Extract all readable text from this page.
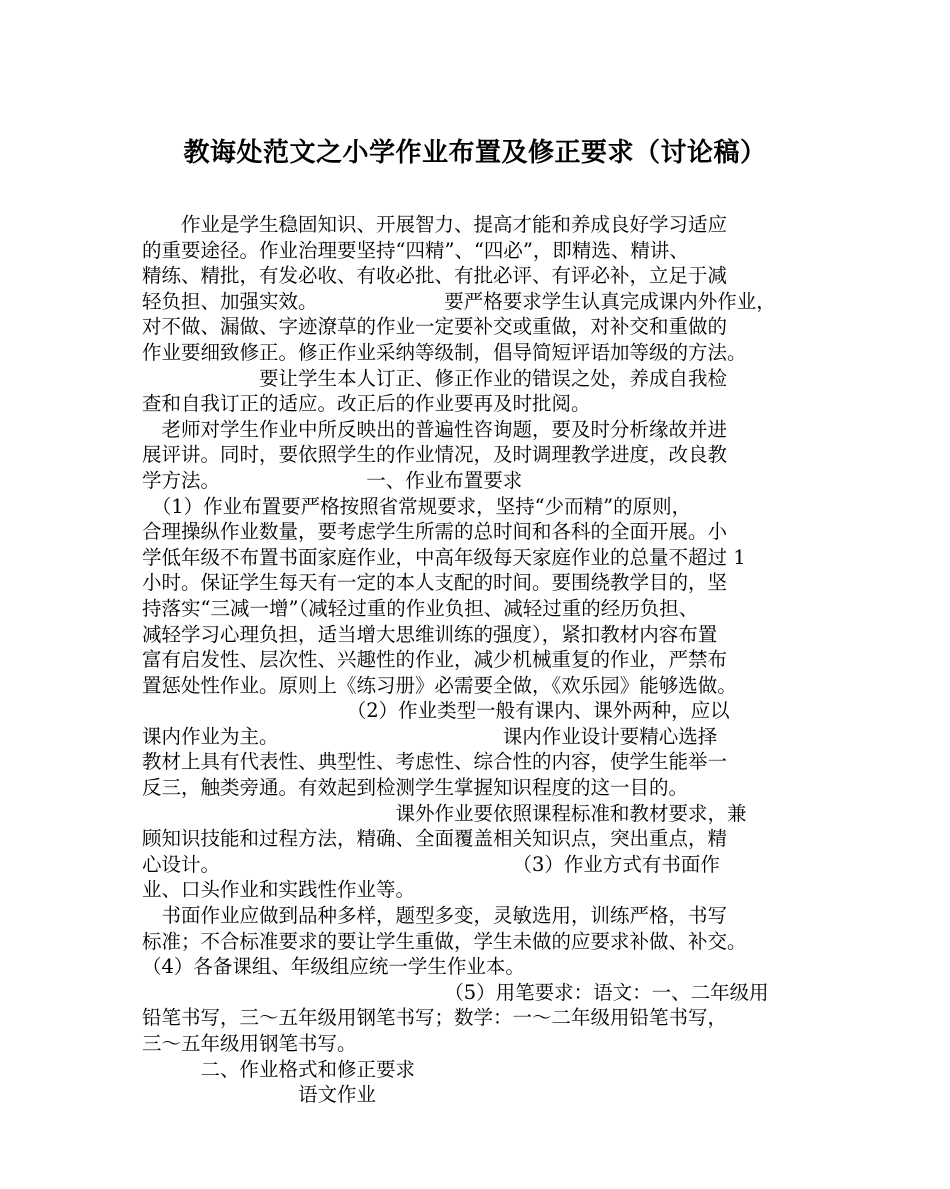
教诲处范文之小学作业布置及修正要求（讨论稿）
　　作业是学生稳固知识、开展智力、提高才能和养成良好学习适应
的重要途径。作业治理要坚持“四精”、“四必”，即精选、精讲、
精练、精批，有发必收、有收必批、有批必评、有评必补，立足于减
轻负担、加强实效。　　　　　　　要严格要求学生认真完成课内外作业，
对不做、漏做、字迹潦草的作业一定要补交或重做，对补交和重做的
作业要细致修正。修正作业采纳等级制，倡导简短评语加等级的方法。
　　　　　　要让学生本人订正、修正作业的错误之处，养成自我检
查和自我订正的适应。改正后的作业要再及时批阅。
　老师对学生作业中所反映出的普遍性咨询题，要及时分析缘故并进
展评讲。同时，要依照学生的作业情况，及时调理教学进度，改良教
学方法。　　　　　　　　一、作业布置要求
　（1）作业布置要严格按照省常规要求，坚持“少而精”的原则，
合理操纵作业数量，要考虑学生所需的总时间和各科的全面开展。小
学低年级不布置书面家庭作业，中高年级每天家庭作业的总量不超过 1
小时。保证学生每天有一定的本人支配的时间。要围绕教学目的，坚
持落实“三减一增”（减轻过重的作业负担、减轻过重的经历负担、
减轻学习心理负担，适当增大思维训练的强度），紧扣教材内容布置
富有启发性、层次性、兴趣性的作业，减少机械重复的作业，严禁布
置惩处性作业。原则上《练习册》必需要全做，《欢乐园》能够选做。
　　　　　　　　　　　（2）作业类型一般有课内、课外两种，应以
课内作业为主。　　　　　　　　　　　　课内作业设计要精心选择
教材上具有代表性、典型性、考虑性、综合性的内容，使学生能举一
反三，触类旁通。有效起到检测学生掌握知识程度的这一目的。
　　　　　　　　　　　　　课外作业要依照课程标准和教材要求，兼
顾知识技能和过程方法，精确、全面覆盖相关知识点，突出重点，精
心设计。　　　　　　　　　　　　　　　　（3）作业方式有书面作
业、口头作业和实践性作业等。
　书面作业应做到品种多样，题型多变，灵敏选用，训练严格，书写
标准；不合标准要求的要让学生重做，学生未做的应要求补做、补交。
（4）各备课组、年级组应统一学生作业本。
　　　　　　　　　　　　　　　　（5）用笔要求：语文：一、二年级用
铅笔书写，三～五年级用钢笔书写；数学：一～二年级用铅笔书写，
三～五年级用钢笔书写。
　　　二、作业格式和修正要求
　　　　　　　　语文作业
